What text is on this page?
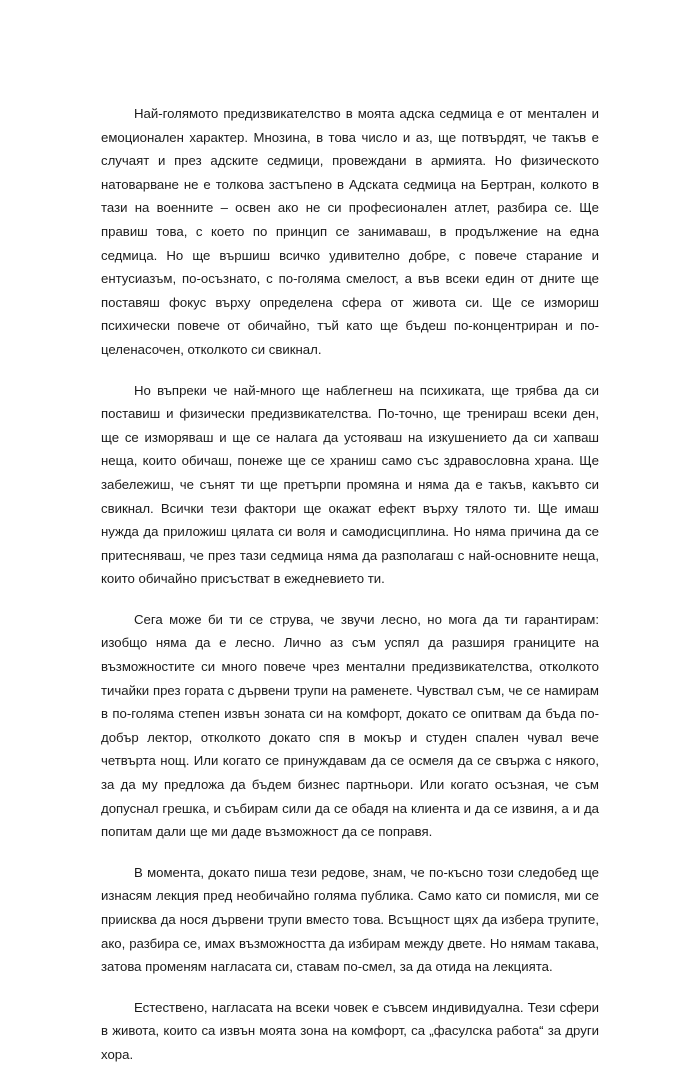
Най-голямото предизвикателство в моята адска седмица е от ментален и емоционален характер. Мнозина, в това число и аз, ще потвърдят, че такъв е случаят и през адските седмици, провеждани в армията. Но физическото натоварване не е толкова застъпено в Адската седмица на Бертран, колкото в тази на военните – освен ако не си професионален атлет, разбира се. Ще правиш това, с което по принцип се занимаваш, в продължение на една седмица. Но ще вършиш всичко удивително добре, с повече старание и ентусиазъм, по-осъзнато, с по-голяма смелост, а във всеки един от дните ще поставяш фокус върху определена сфера от живота си. Ще се измориш психически повече от обичайно, тъй като ще бъдеш по-концентриран и по-целенасочен, отколкото си свикнал.

Но въпреки че най-много ще наблегнеш на психиката, ще трябва да си поставиш и физически предизвикателства. По-точно, ще тренираш всеки ден, ще се изморяваш и ще се налага да устояваш на изкушението да си хапваш неща, които обичаш, понеже ще се храниш само със здравословна храна. Ще забележиш, че сънят ти ще претърпи промяна и няма да е такъв, какъвто си свикнал. Всички тези фактори ще окажат ефект върху тялото ти. Ще имаш нужда да приложиш цялата си воля и самодисциплина. Но няма причина да се притесняваш, че през тази седмица няма да разполагаш с най-основните неща, които обичайно присъстват в ежедневието ти.

Сега може би ти се струва, че звучи лесно, но мога да ти гарантирам: изобщо няма да е лесно. Лично аз съм успял да разширя границите на възможностите си много повече чрез ментални предизвикателства, отколкото тичайки през гората с дървени трупи на раменете. Чувствал съм, че се намирам в по-голяма степен извън зоната си на комфорт, докато се опитвам да бъда по-добър лектор, отколкото докато спя в мокър и студен спален чувал вече четвърта нощ. Или когато се принуждавам да се осмеля да се свържа с някого, за да му предложа да бъдем бизнес партньори. Или когато осъзная, че съм допуснал грешка, и събирам сили да се обадя на клиента и да се извиня, а и да попитам дали ще ми даде възможност да се поправя.

В момента, докато пиша тези редове, знам, че по-късно този следобед ще изнасям лекция пред необичайно голяма публика. Само като си помисля, ми се приисква да нося дървени трупи вместо това. Всъщност щях да избера трупите, ако, разбира се, имах възможността да избирам между двете. Но нямам такава, затова променям нагласата си, ставам по-смел, за да отида на лекцията.

Естествено, нагласата на всеки човек е съвсем индивидуална. Тези сфери в живота, които са извън моята зона на комфорт, са „фасулска работа“ за други хора.
